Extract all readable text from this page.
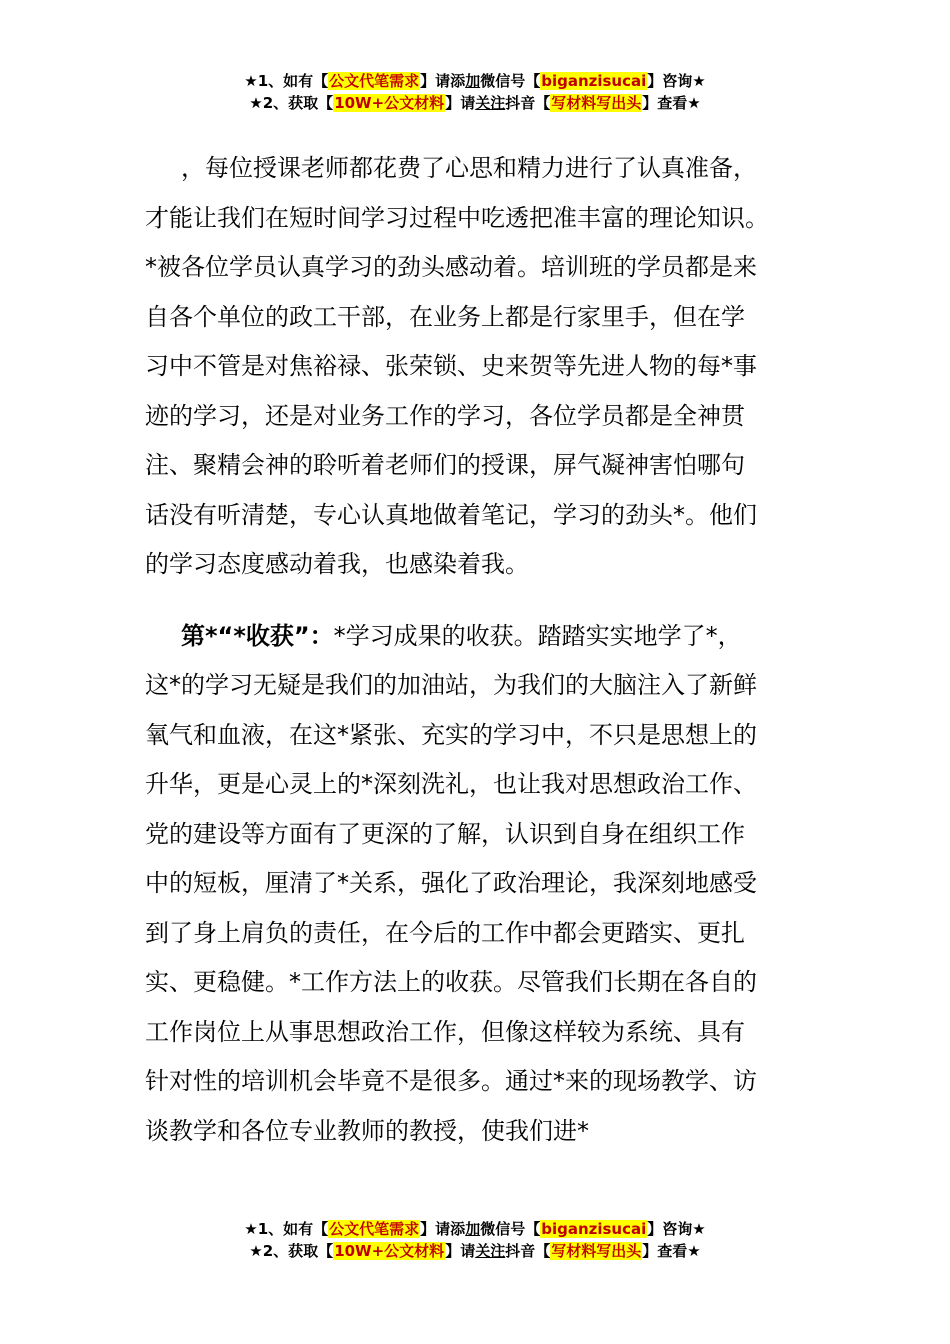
★1、如有【公文代笔需求】请添加微信号【biganzisucai】咨询★
★2、获取【10W+公文材料】请关注抖音【写材料写出头】查看★

，每位授课老师都花费了心思和精力进行了认真准备，
才能让我们在短时间学习过程中吃透把准丰富的理论知识。
*被各位学员认真学习的劲头感动着。培训班的学员都是来
自各个单位的政工干部，在业务上都是行家里手，但在学
习中不管是对焦裕禄、张荣锁、史来贺等先进人物的每*事
迹的学习，还是对业务工作的学习，各位学员都是全神贯
注、聚精会神的聆听着老师们的授课，屏气凝神害怕哪句
话没有听清楚，专心认真地做着笔记，学习的劲头*。他们
的学习态度感动着我，也感染着我。

第*“*收获”：*学习成果的收获。踏踏实实地学了*，
这*的学习无疑是我们的加油站，为我们的大脑注入了新鲜
氧气和血液，在这*紧张、充实的学习中，不只是思想上的
升华，更是心灵上的*深刻洗礼，也让我对思想政治工作、
党的建设等方面有了更深的了解，认识到自身在组织工作
中的短板，厘清了*关系，强化了政治理论，我深刻地感受
到了身上肩负的责任，在今后的工作中都会更踏实、更扎
实、更稳健。*工作方法上的收获。尽管我们长期在各自的
工作岗位上从事思想政治工作，但像这样较为系统、具有
针对性的培训机会毕竟不是很多。通过*来的现场教学、访
谈教学和各位专业教师的教授，使我们进*

★1、如有【公文代笔需求】请添加微信号【biganzisucai】咨询★
★2、获取【10W+公文材料】请关注抖音【写材料写出头】查看★
